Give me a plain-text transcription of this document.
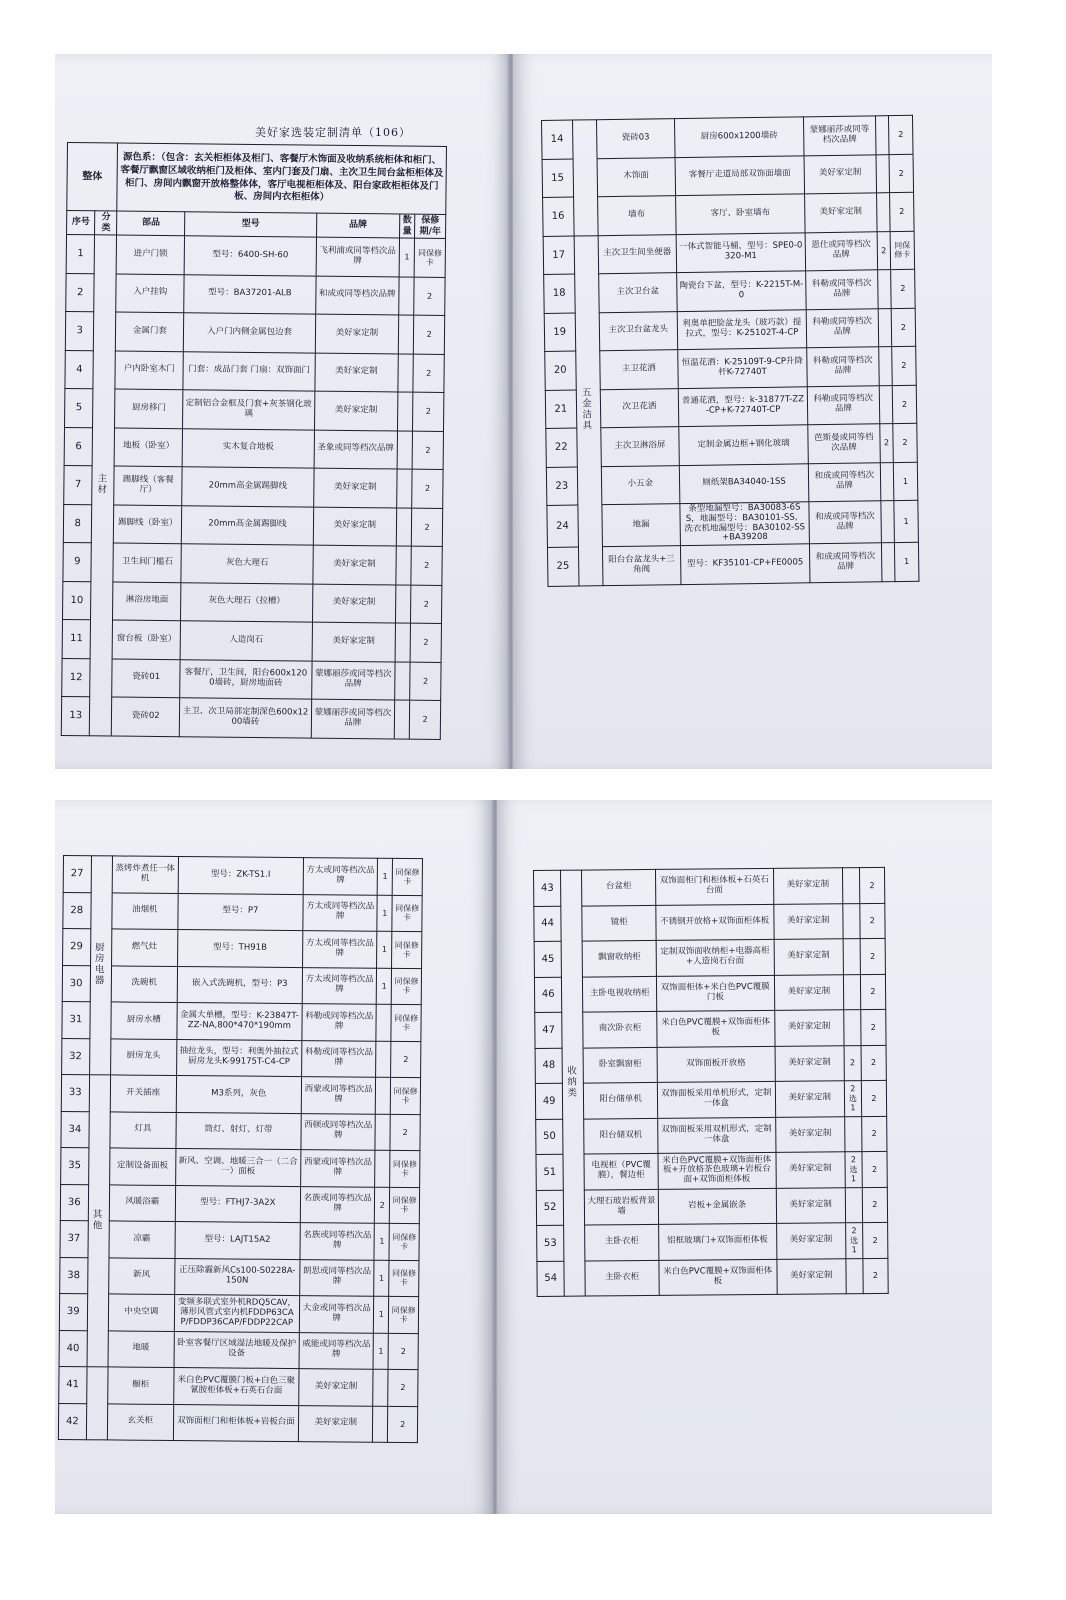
美好家选装定制清单（106）
整体		源色系：（包含：玄关柜柜体及柜门、客餐厅木饰面及收纳系统柜体和柜门、客餐厅飘窗区域收纳柜门及柜体、室内门套及门扇、主次卫生间台盆柜柜体及柜门、房间内飘窗开放格整体体，客厅电视柜柜体及、阳台家政柜柜体及门板、房间内衣柜柜体）				
序号	分类	部品	型号	品牌	数量	保修期/年
1	主材	进户门锁	型号：6400-SH-60	飞利浦或同等档次品牌	1	同保修卡
2		入户挂钩	型号：BA37201-ALB	和成或同等档次品牌		2
3		金属门套	入户门内侧金属包边套	美好家定制		2
4		户内卧室木门	门套：成品门套 门扇：双饰面门	美好家定制		2
5		厨房移门	定制铝合金框及门套+灰茶钢化玻璃	美好家定制		2
6		地板（卧室）	实木复合地板	圣象或同等档次品牌		2
7		踢脚线（客餐厅）	20mm高金属踢脚线	美好家定制		2
8		踢脚线（卧室）	20mm高金属踢脚线	美好家定制		2
9		卫生间门槛石	灰色大理石	美好家定制		2
10		淋浴房地面	灰色大理石（拉槽）	美好家定制		2
11		窗台板（卧室）	人造岗石	美好家定制		2
12		瓷砖01	客餐厅，卫生间，阳台600x1200墙砖，厨房地面砖	蒙娜丽莎或同等档次品牌		2
13		瓷砖02	主卫、次卫局部定制深色600x1200墙砖	蒙娜丽莎或同等档次品牌		2
14		瓷砖03	厨房600x1200墙砖	蒙娜丽莎或同等档次品牌		2
15		木饰面	客餐厅走道局部双饰面墙面	美好家定制		2
16		墙布	客厅、卧室墙布	美好家定制		2
17	五金洁具	主次卫生间坐便器	一体式智能马桶，型号：SPE0-0320-M1	恩仕或同等档次品牌	2	同保修卡
18		主次卫台盆	陶瓷台下盆，型号：K-2215T-M-0	科勒或同等档次品牌		2
19		主次卫台盆龙头	利奥单把脸盆龙头（玻巧款）提拉式，型号：K-25102T-4-CP	科勒或同等档次品牌		2
20		主卫花洒	恒温花洒：K-25109T-9-CP升降杆K-72740T	科勒或同等档次品牌		2
21		次卫花洒	普通花洒，型号：k-31877T-ZZ-CP+K-72740T-CP	科勒或同等档次品牌		2
22		主次卫淋浴屏	定制金属边框+钢化玻璃	芭斯曼或同等档次品牌	2	2
23		小五金	厕纸架BA34040-1SS	和成或同等档次品牌		1
24		地漏	条型地漏型号：BA30083-6SS，地漏型号：BA30101-SS，洗衣机地漏型号：BA30102-SS+BA39208	和成或同等档次品牌		1
25		阳台台盆龙头+三角阀	型号：KF35101-CP+FE0005	和成或同等档次品牌		1
27	厨房电器	蒸烤炸煮任一体机	型号：ZK-TS1.I	方太或同等档次品牌	1	同保修卡
28		油烟机	型号：P7	方太或同等档次品牌	1	同保修卡
29		燃气灶	型号：TH91B	方太或同等档次品牌	1	同保修卡
30		洗碗机	嵌入式洗碗机，型号：P3	方太或同等档次品牌	1	同保修卡
31		厨房水槽	金属大单槽，型号：K-23847T-ZZ-NA,800*470*190mm	科勒或同等档次品牌		同保修卡
32		厨房龙头	抽拉龙头，型号：利奥外抽拉式厨房龙头K-99175T-C4-CP	科勒或同等档次品牌		2
33	其他	开关插座	M3系列，灰色	西蒙或同等档次品牌		同保修卡
34		灯具	筒灯、射灯、灯带	西顿或同等档次品牌		2
35		定制设备面板	新风、空调、地暖三合一（二合一）面板	西蒙或同等档次品牌		同保修卡
36		风暖浴霸	型号：FTHJ7-3A2X	名族或同等档次品牌	2	同保修卡
37		凉霸	型号：LAJT15A2	名族或同等档次品牌	1	同保修卡
38		新风	正压除霾新风Cs100-S0228A-150N	朗思或同等档次品牌	1	同保修卡
39		中央空调	变频多联式室外机RDQ5CAV，薄形风管式室内机FDDP63CAP/FDDP36CAP/FDDP22CAP	大金或同等档次品牌	1	同保修卡
40		地暖	卧室客餐厅区域湿法地暖及保护设备	威能或同等档次品牌	1	2
41		橱柜	米白色PVC覆膜门板+白色三聚氰胺柜体板+石英石台面	美好家定制		2
42		玄关柜	双饰面柜门和柜体板+岩板台面	美好家定制		2
43	收纳类	台盆柜	双饰面柜门和柜体板+石英石台面	美好家定制		2
44		镜柜	不锈钢开放格+双饰面柜体板	美好家定制		2
45		飘窗收纳柜	定制双饰面收纳柜+电器高柜+人造岗石台面	美好家定制		2
46		主卧电视收纳柜	双饰面柜体+米白色PVC覆膜门板	美好家定制		2
47		南次卧衣柜	米白色PVC覆膜+双饰面柜体板	美好家定制		2
48		卧室飘窗柜	双饰面板开放格	美好家定制	2	2
49		阳台储单机	双饰面板采用单机形式，定制一体盒	美好家定制	2选1	2
50		阳台储双机	双饰面板采用双机形式，定制一体盒	美好家定制		2
51		电视柜（PVC覆膜），餐边柜	米白色PVC覆膜+双饰面柜体板+开放格茶色玻璃+岩板台面+双饰面柜体板	美好家定制	2选1	2
52		大理石玻岩板背景墙	岩板+金属嵌条	美好家定制		2
53		主卧衣柜	铝框玻璃门+双饰面柜体板	美好家定制	2选1	2
54		主卧衣柜	米白色PVC覆膜+双饰面柜体板	美好家定制		2
